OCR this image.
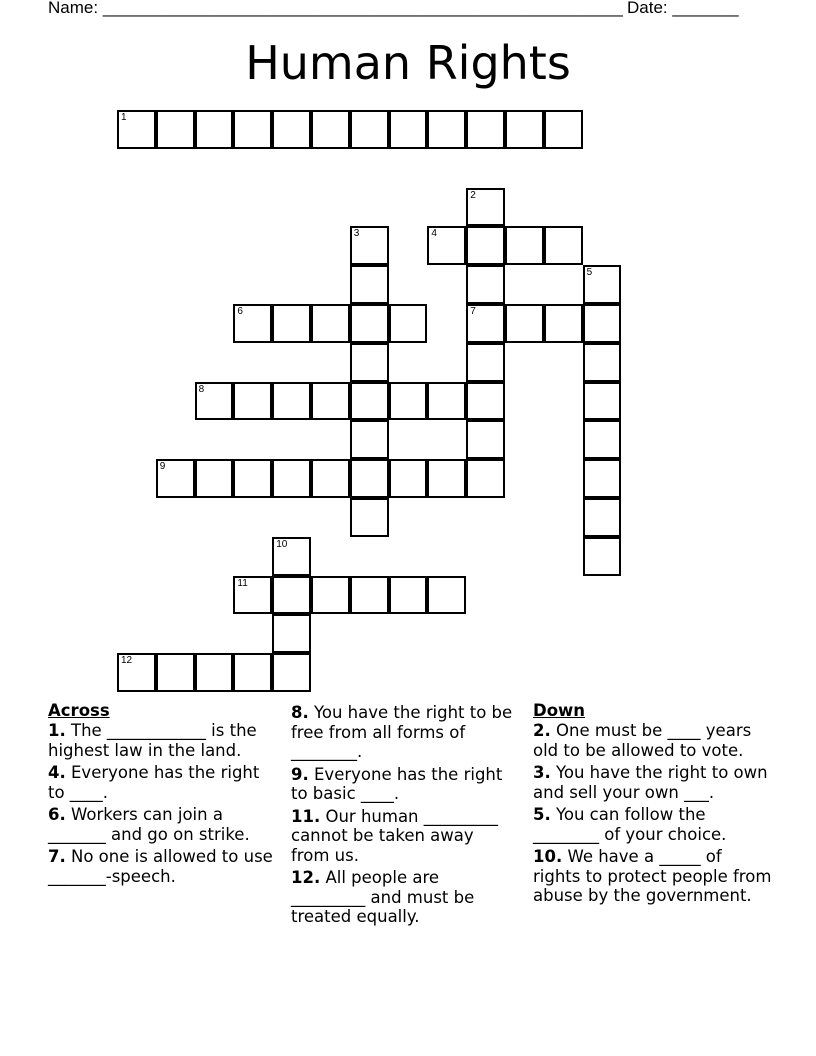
Name: _______________________________________________________ Date: _______
Human Rights
1
2
7
3	4
5
6
8
9
10
11
12
Across
1. The ____________ is the highest law in the land.
4. Everyone has the right to ____.
6. Workers can join a _______ and go on strike.
7. No one is allowed to use _______-speech.
8. You have the right to be free from all forms of ________.
9. Everyone has the right to basic ____.
11. Our human _________ cannot be taken away from us.
12. All people are _________ and must be treated equally.
Down
2. One must be ____ years old to be allowed to vote.
3. You have the right to own and sell your own ___.
5. You can follow the ________ of your choice.
10. We have a _____ of rights to protect people from abuse by the government.
